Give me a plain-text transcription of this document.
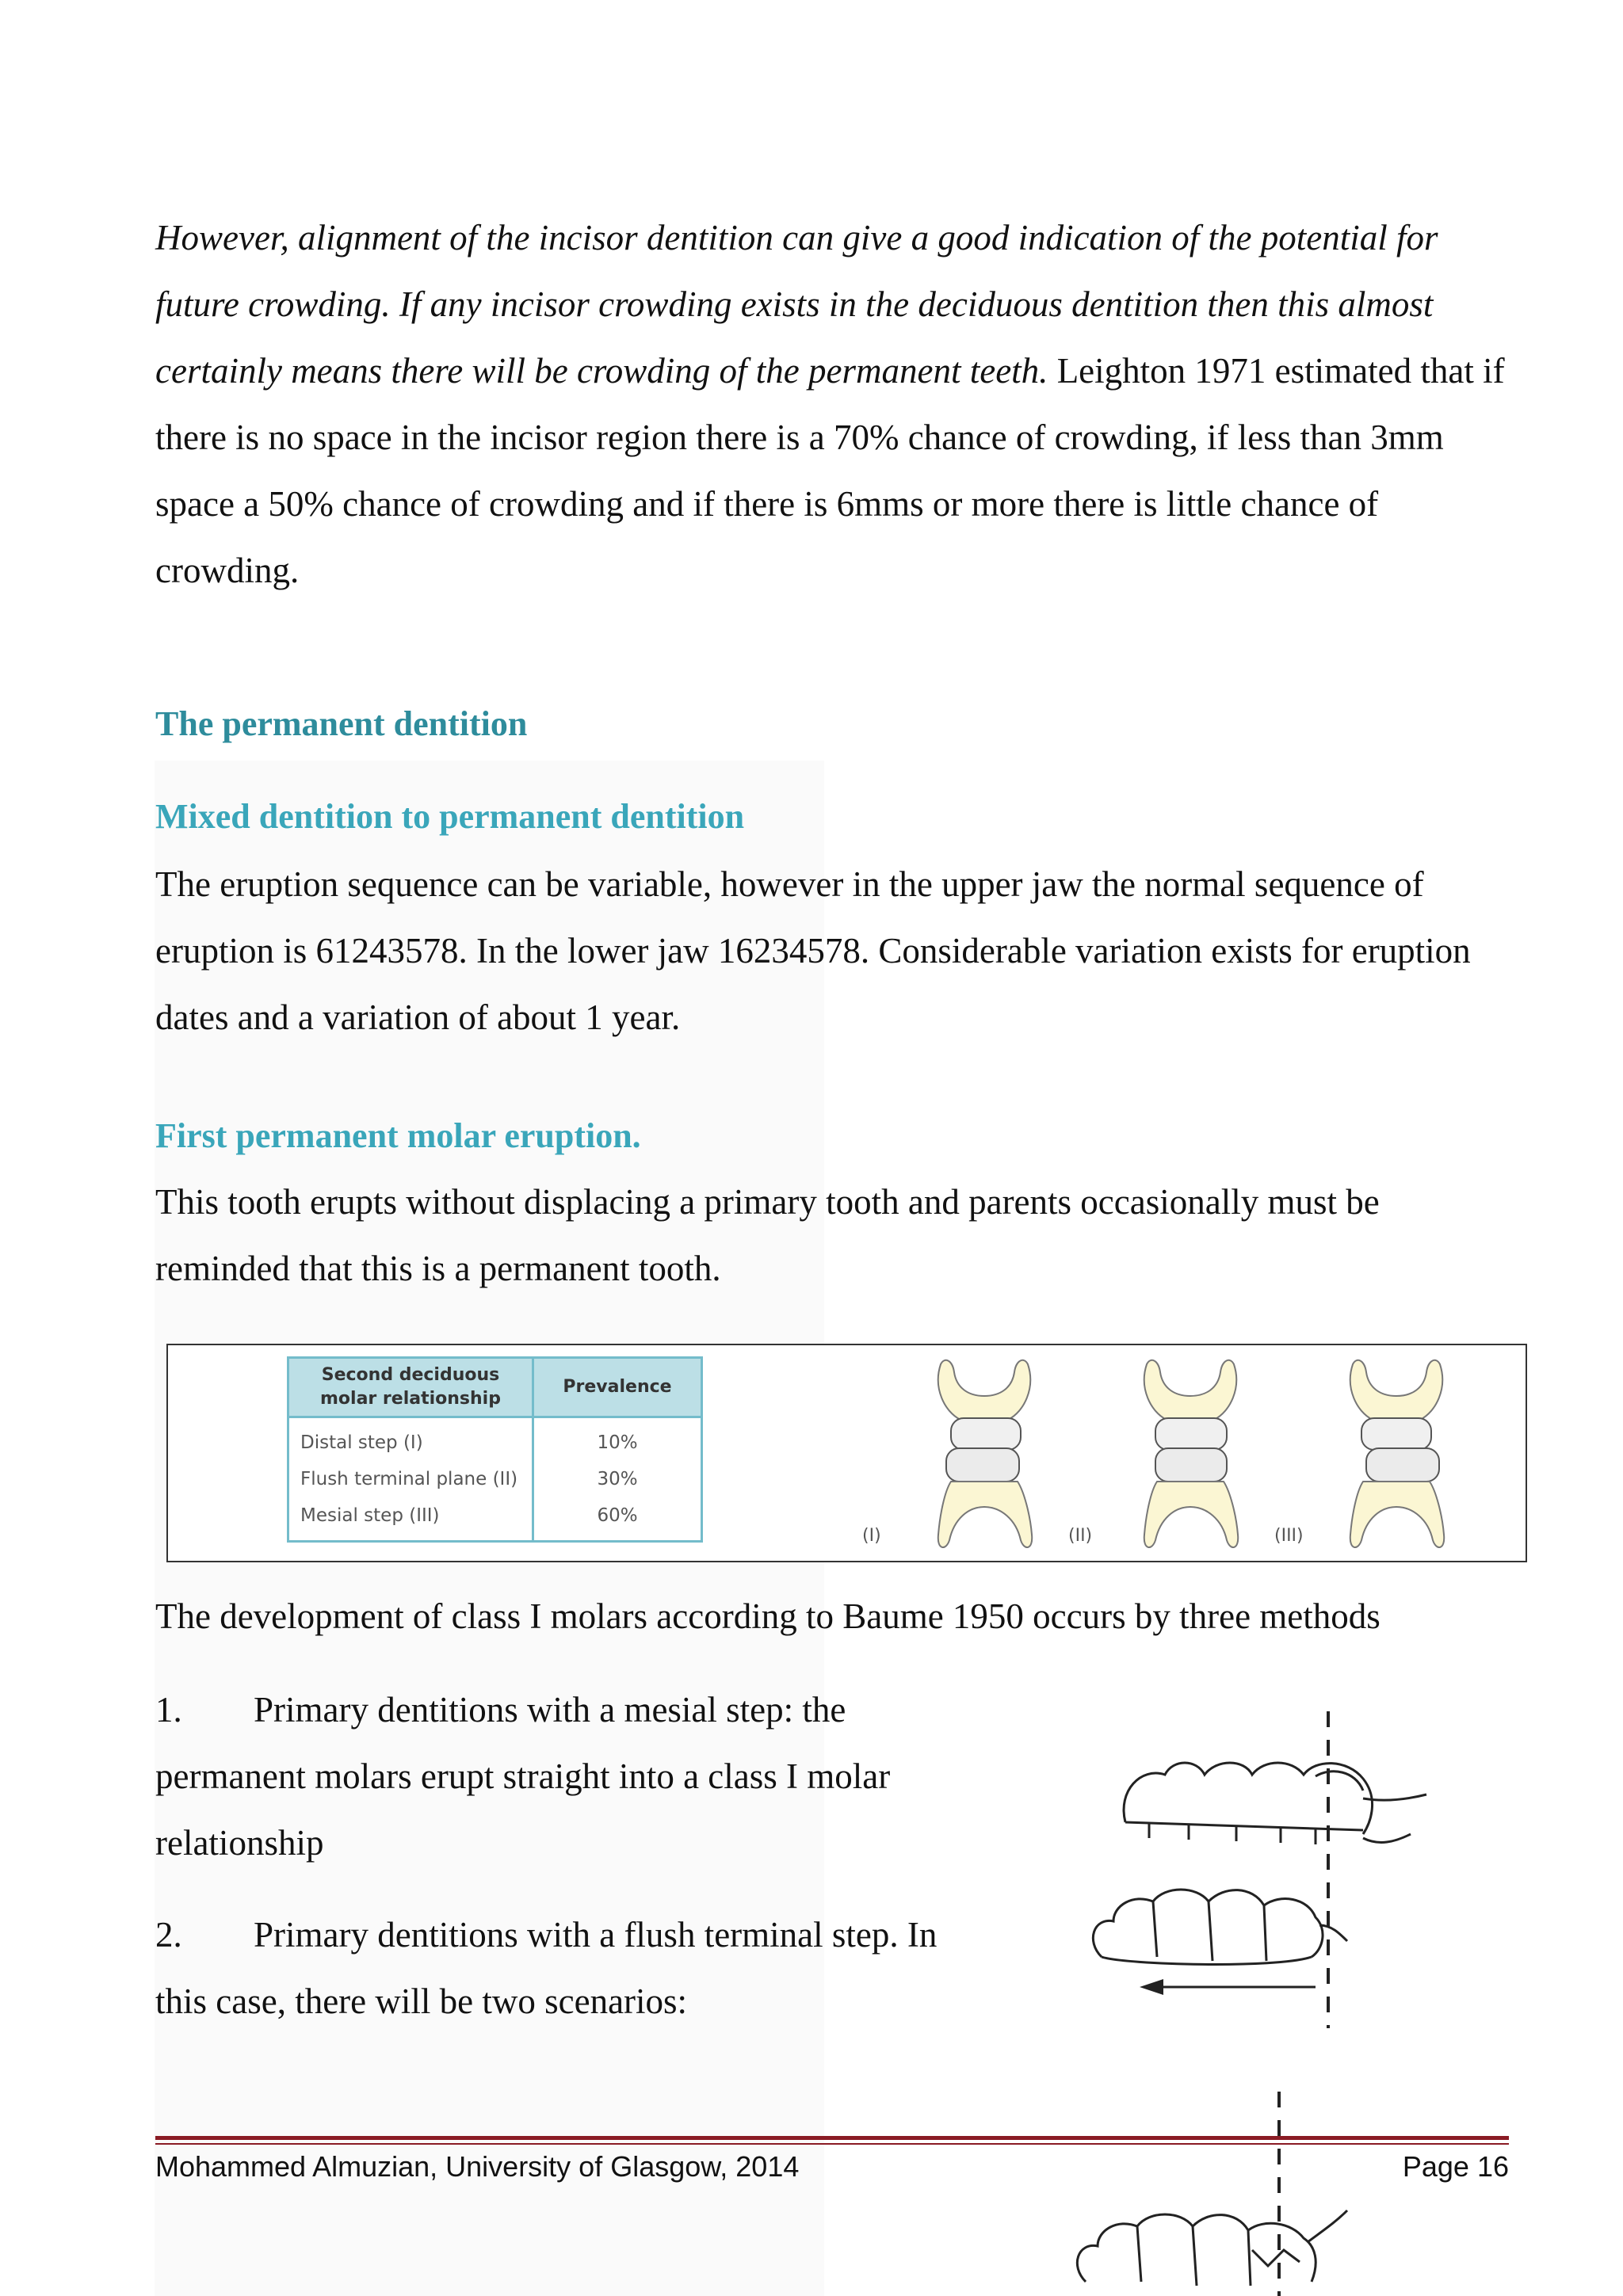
However, alignment of the incisor dentition can give a good indication of the potential for future crowding. If any incisor crowding exists in the deciduous dentition then this almost certainly means there will be crowding of the permanent teeth. Leighton 1971 estimated that if there is no space in the incisor region there is a 70% chance of crowding, if less than 3mm space a 50% chance of crowding and if there is 6mms or more there is little chance of crowding.

The permanent dentition
Mixed dentition to permanent dentition

The eruption sequence can be variable, however in the upper jaw the normal sequence of eruption is 61243578. In the lower jaw 16234578. Considerable variation exists for eruption dates and a variation of about 1 year.

First permanent molar eruption.

This tooth erupts without displacing a primary tooth and parents occasionally must be reminded that this is a permanent tooth.

Second deciduous
molar relationship	Prevalence
Distal step (I)	10%
Flush terminal plane (II)	30%
Mesial step (III)	60%
(I)	(II)	(III)

The development of class I molars according to Baume 1950 occurs by three methods

1. Primary dentitions with a mesial step: the

permanent molars erupt straight into a class I molar relationship

2. Primary dentitions with a flush terminal step. In

this case, there will be two scenarios:

Mohammed Almuzian, University of Glasgow, 2014	Page 16
